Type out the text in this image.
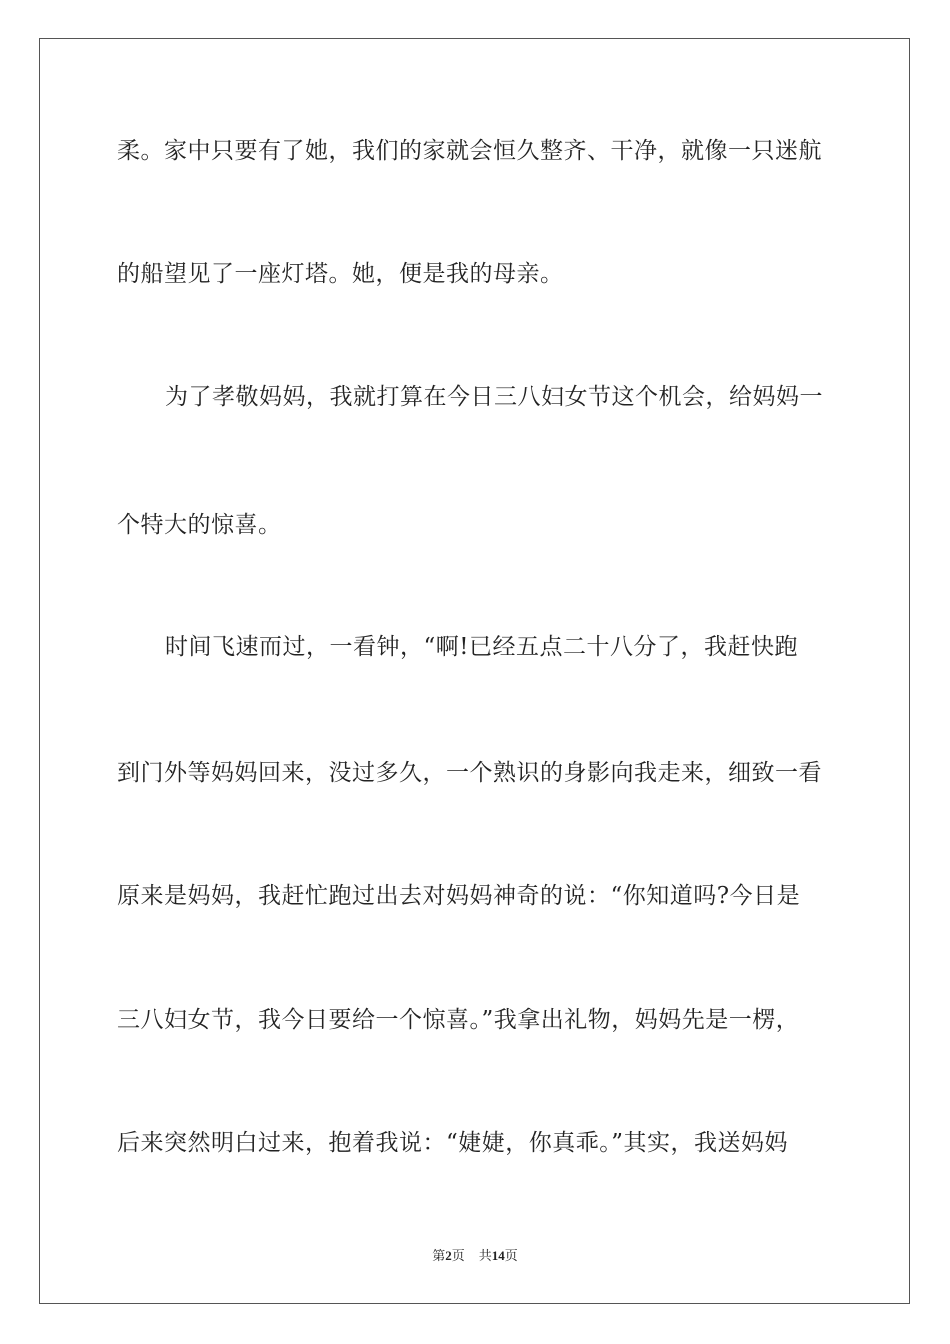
柔。家中只要有了她，我们的家就会恒久整齐、干净，就像一只迷航
的船望见了一座灯塔。她，便是我的母亲。
为了孝敬妈妈，我就打算在今日三八妇女节这个机会，给妈妈一
个特大的惊喜。
时间飞速而过，一看钟，“啊!已经五点二十八分了，我赶快跑
到门外等妈妈回来，没过多久，一个熟识的身影向我走来，细致一看
原来是妈妈，我赶忙跑过出去对妈妈神奇的说：“你知道吗?今日是
三八妇女节，我今日要给一个惊喜。”我拿出礼物，妈妈先是一楞，
后来突然明白过来，抱着我说：“婕婕，你真乖。”其实，我送妈妈
第2页 共14页
